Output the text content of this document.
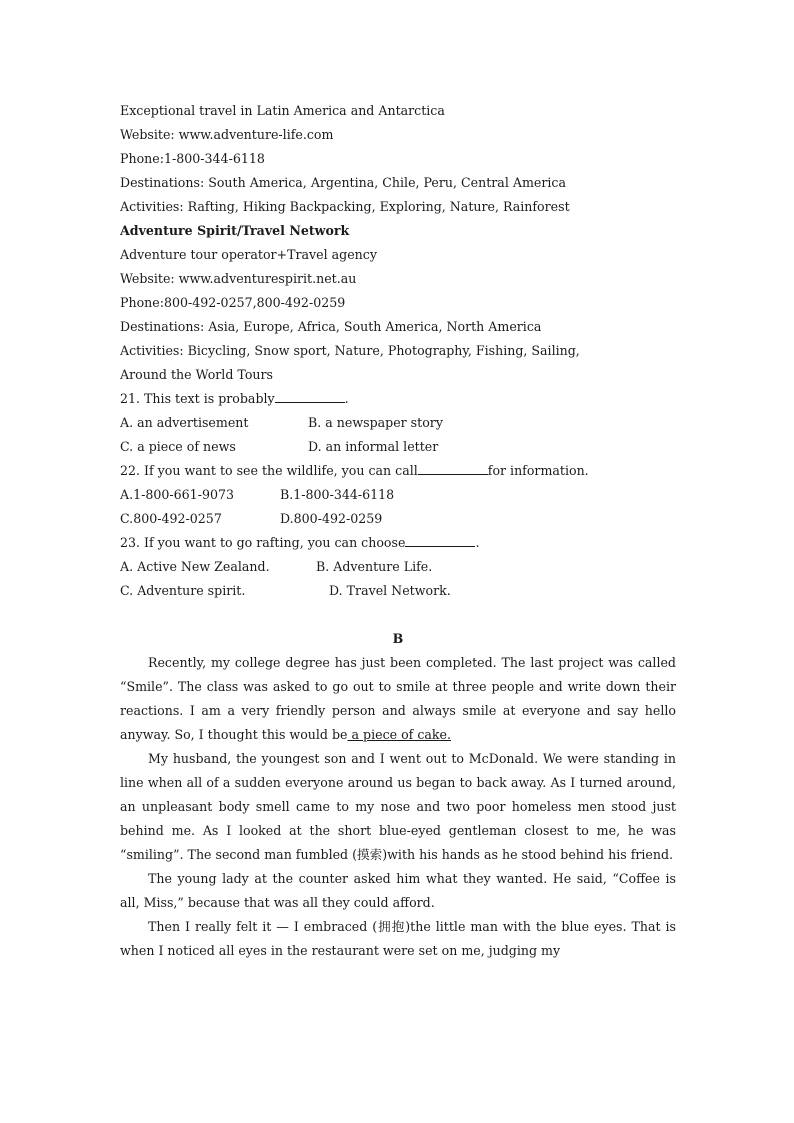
Exceptional travel in Latin America and Antarctica
Website: www.adventure-life.com
Phone:1-800-344-6118
Destinations: South America, Argentina, Chile, Peru, Central America
Activities: Rafting, Hiking Backpacking, Exploring, Nature, Rainforest
Adventure Spirit/Travel Network
Adventure tour operator+Travel agency
Website: www.adventurespirit.net.au
Phone:800-492-0257,800-492-0259
Destinations: Asia, Europe, Africa, South America, North America
Activities: Bicycling, Snow sport, Nature, Photography, Fishing, Sailing,
Around the World Tours
21. This text is probably	.
A. an advertisement	B. a newspaper story
C. a piece of news	D. an informal letter
22. If you want to see the wildlife, you can call	for information.
A.1-800-661-9073	B.1-800-344-6118
C.800-492-0257	D.800-492-0259
23. If you want to go rafting, you can choose	.
A. Active New Zealand.	B. Adventure Life.
C. Adventure spirit.	D. Travel Network.
B
Recently, my college degree has just been completed. The last project was called “Smile”. The class was asked to go out to smile at three people and write down their reactions. I am a very friendly person and always smile at everyone and say hello anyway. So, I thought this would be a piece of cake.
My husband, the youngest son and I went out to McDonald. We were standing in line when all of a sudden everyone around us began to back away. As I turned around, an unpleasant body smell came to my nose and two poor homeless men stood just behind me. As I looked at the short blue-eyed gentleman closest to me, he was “smiling”. The second man fumbled (摸索)with his hands as he stood behind his friend.
The young lady at the counter asked him what they wanted. He said, “Coffee is all, Miss,” because that was all they could afford.
Then I really felt it — I embraced (拥抱)the little man with the blue eyes. That is when I noticed all eyes in the restaurant were set on me, judging my
